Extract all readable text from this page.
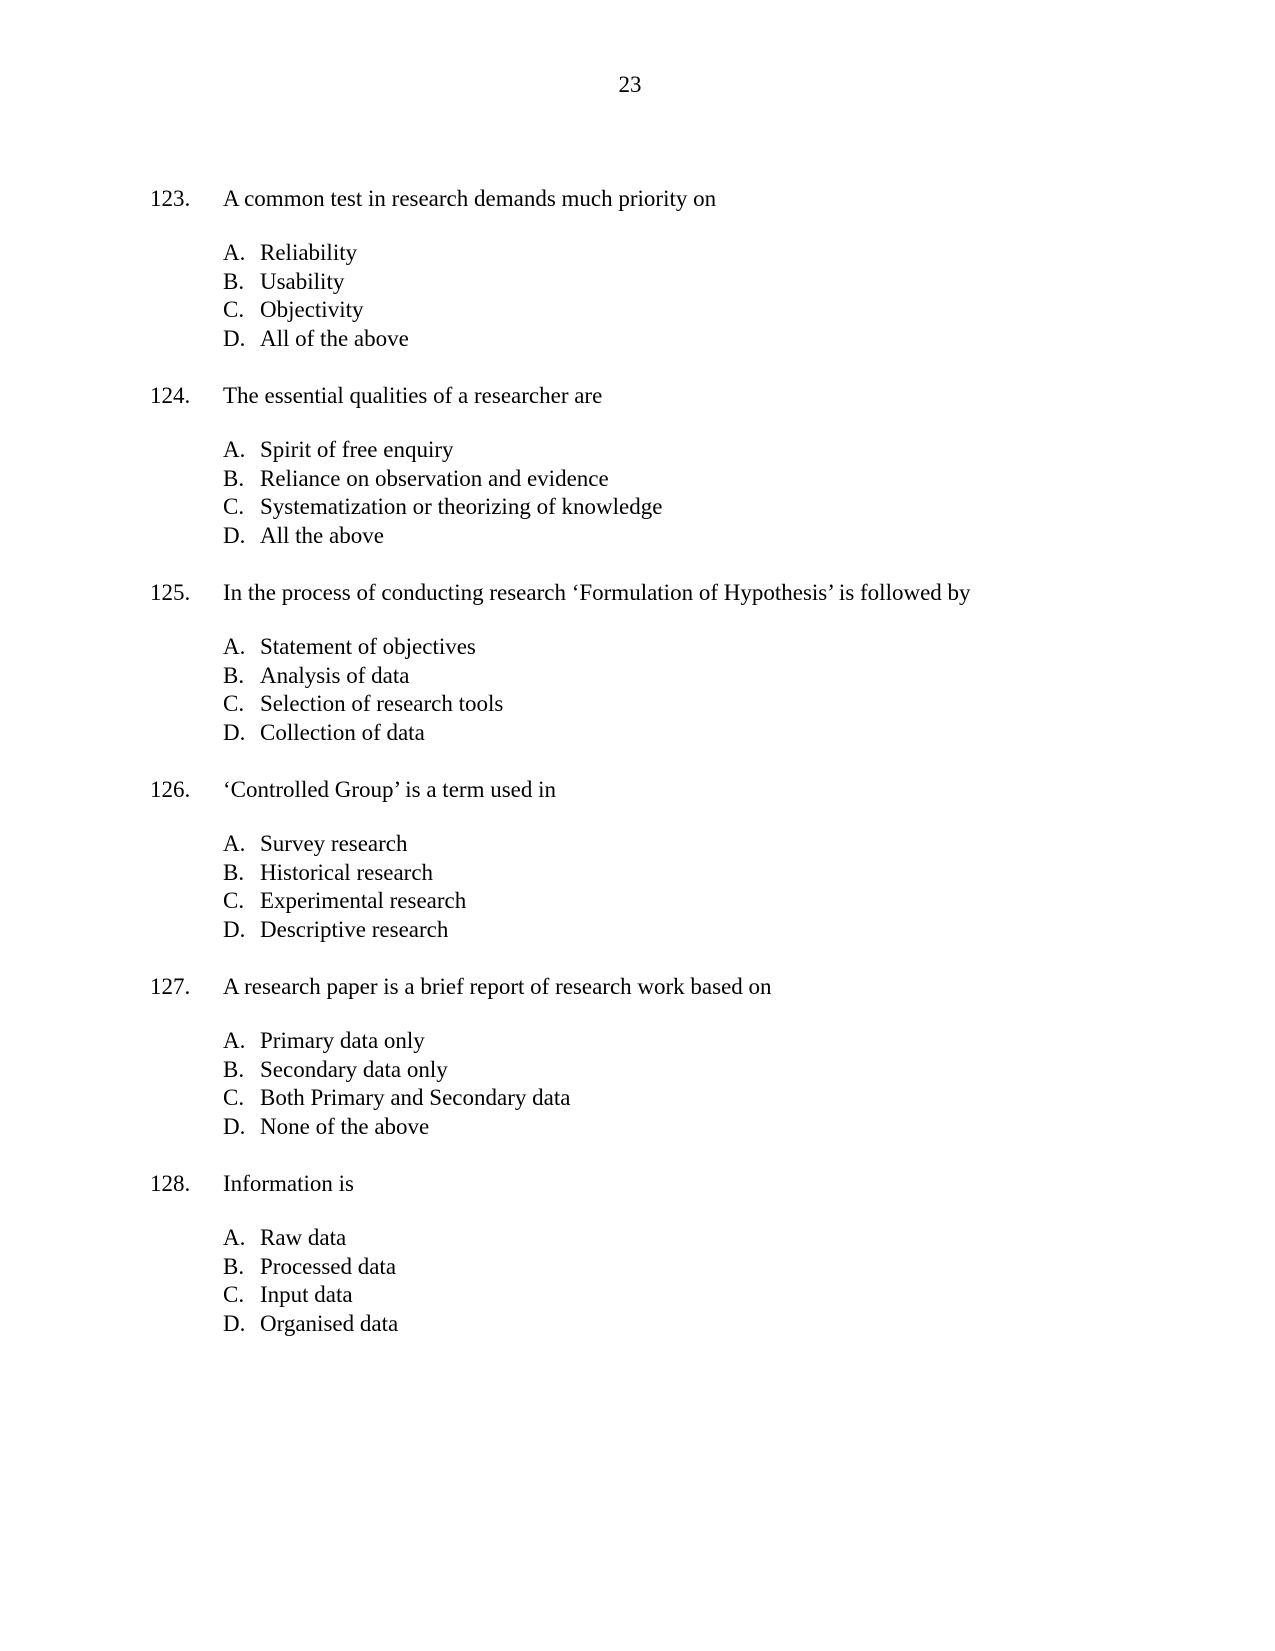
23
123.	A common test in research demands much priority on
A. Reliability
B. Usability
C. Objectivity
D. All of the above
124.	The essential qualities of a researcher are
A. Spirit of free enquiry
B. Reliance on observation and evidence
C. Systematization or theorizing of knowledge
D. All the above
125.	In the process of conducting research ‘Formulation of Hypothesis’ is followed by
A. Statement of objectives
B. Analysis of data
C. Selection of research tools
D. Collection of data
126.	‘Controlled Group’ is a term used in
A. Survey research
B. Historical research
C. Experimental research
D. Descriptive research
127.	A research paper is a brief report of research work based on
A. Primary data only
B. Secondary data only
C. Both Primary and Secondary data
D. None of the above
128.	Information is
A. Raw data
B. Processed data
C. Input data
D. Organised data
